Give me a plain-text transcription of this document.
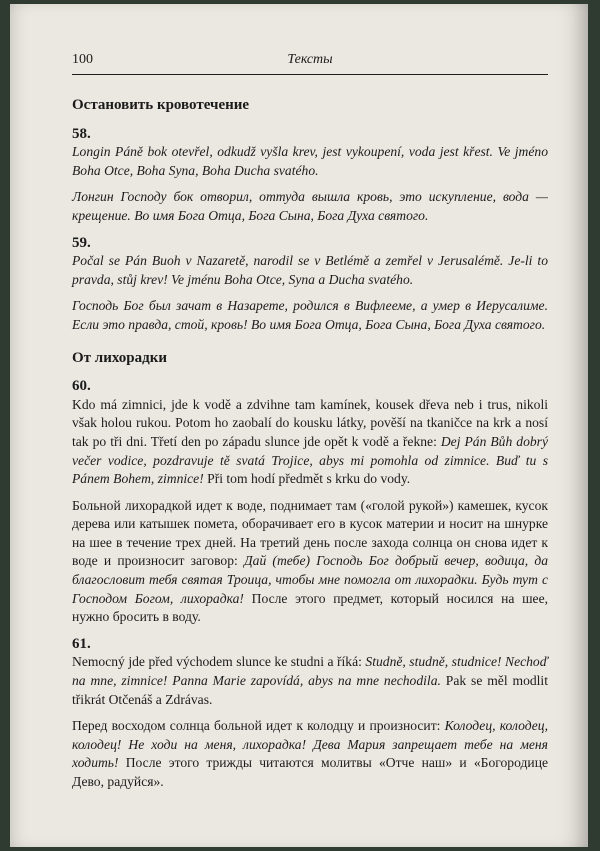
100	Тексты
Остановить кровотечение
58.

Longin Páně bok otevřel, odkudž vyšla krev, jest vykoupení, voda jest křest. Ve jméno Boha Otce, Boha Syna, Boha Ducha svatého.

Лонгин Господу бок отворил, оттуда вышла кровь, это искупление, вода — крещение. Во имя Бога Отца, Бога Сына, Бога Духа святого.

59.

Počal se Pán Buoh v Nazaretě, narodil se v Betlémě a zemřel v Jerusalémě. Je-li to pravda, stůj krev! Ve jménu Boha Otce, Syna a Ducha svatého.

Господь Бог был зачат в Назарете, родился в Вифлееме, а умер в Иерусалиме. Если это правда, стой, кровь! Во имя Бога Отца, Бога Сына, Бога Духа святого.

От лихорадки
60.

Kdo má zimnici, jde k vodě a zdvihne tam kamínek, kousek dřeva neb i trus, nikoli však holou rukou. Potom ho zaobalí do kousku látky, pověší na tkaničce na krk a nosí tak po tři dni. Třetí den po západu slunce jde opět k vodě a řekne: Dej Pán Bůh dobrý večer vodice, pozdravuje tě svatá Trojice, abys mi pomohla od zimnice. Buď tu s Pánem Bohem, zimnice! Při tom hodí předmět s krku do vody.

Больной лихорадкой идет к воде, поднимает там («голой рукой») камешек, кусок дерева или катышек помета, оборачивает его в кусок материи и носит на шнурке на шее в течение трех дней. На третий день после захода солнца он снова идет к воде и произносит заговор: Дай (тебе) Господь Бог добрый вечер, водица, да благословит тебя святая Троица, чтобы мне помогла от лихорадки. Будь тут с Господом Богом, лихорадка! После этого предмет, который носился на шее, нужно бросить в воду.

61.

Nemocný jde před východem slunce ke studni a říká: Studně, studně, studnice! Nechoď na mne, zimnice! Panna Marie zapovídá, abys na mne nechodila. Pak se měl modlit třikrát Otčenáš a Zdrávas.

Перед восходом солнца больной идет к колодцу и произносит: Колодец, колодец, колодец! Не ходи на меня, лихорадка! Дева Мария запрещает тебе на меня ходить! После этого трижды читаются молитвы «Отче наш» и «Богородице Дево, радуйся».
